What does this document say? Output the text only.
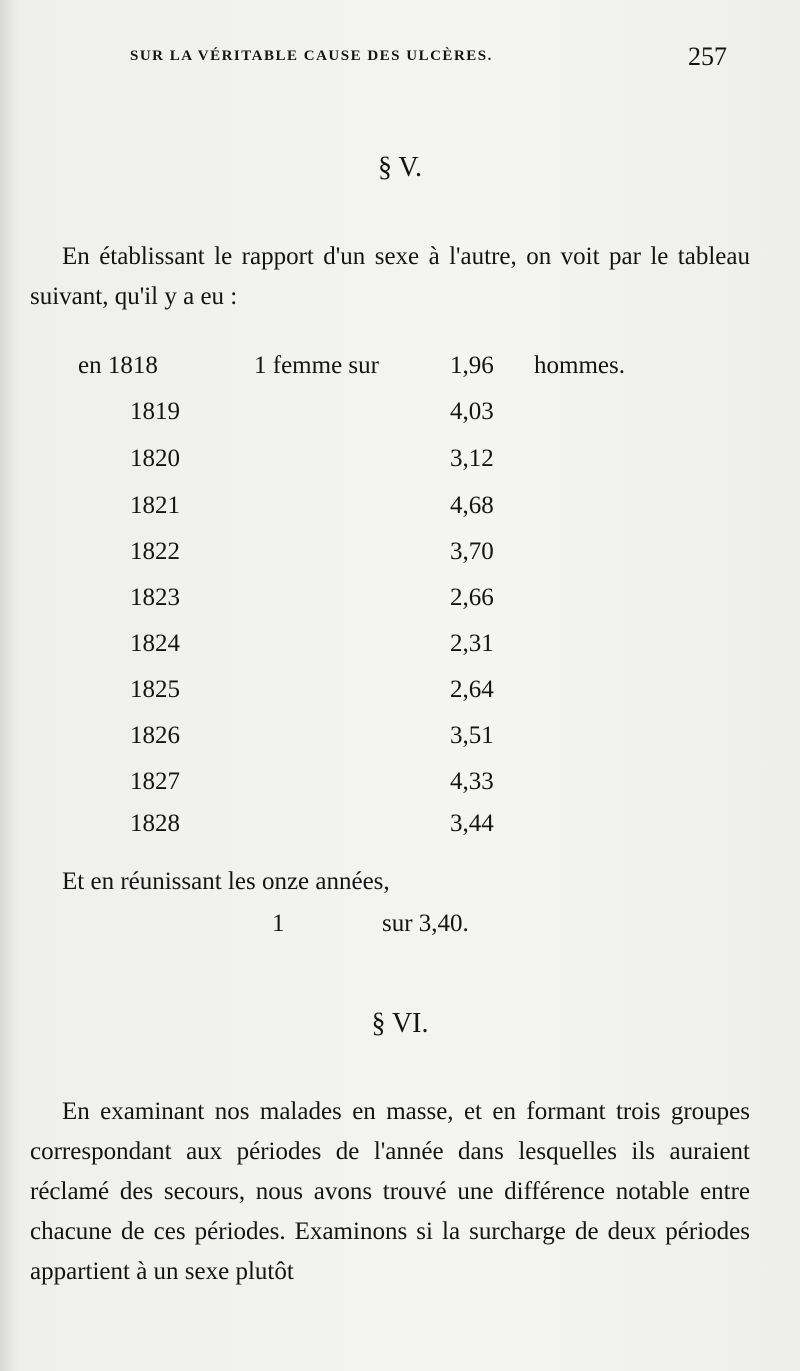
SUR LA VÉRITABLE CAUSE DES ULCÈRES.	257
§ V.
En établissant le rapport d'un sexe à l'autre, on voit par le tableau suivant, qu'il y a eu :
en 1818	1 femme sur	1,96 hommes.
1819	4,03
1820	3,12
1821	4,68
1822	3,70
1823	2,66
1824	2,31
1825	2,64
1826	3,51
1827	4,33
1828	3,44
Et en réunissant les onze années,
1	sur 3,40.
§ VI.
En examinant nos malades en masse, et en formant trois groupes correspondant aux périodes de l'année dans lesquelles ils auraient réclamé des secours, nous avons trouvé une différence notable entre chacune de ces périodes. Examinons si la surcharge de deux périodes appartient à un sexe plutôt
